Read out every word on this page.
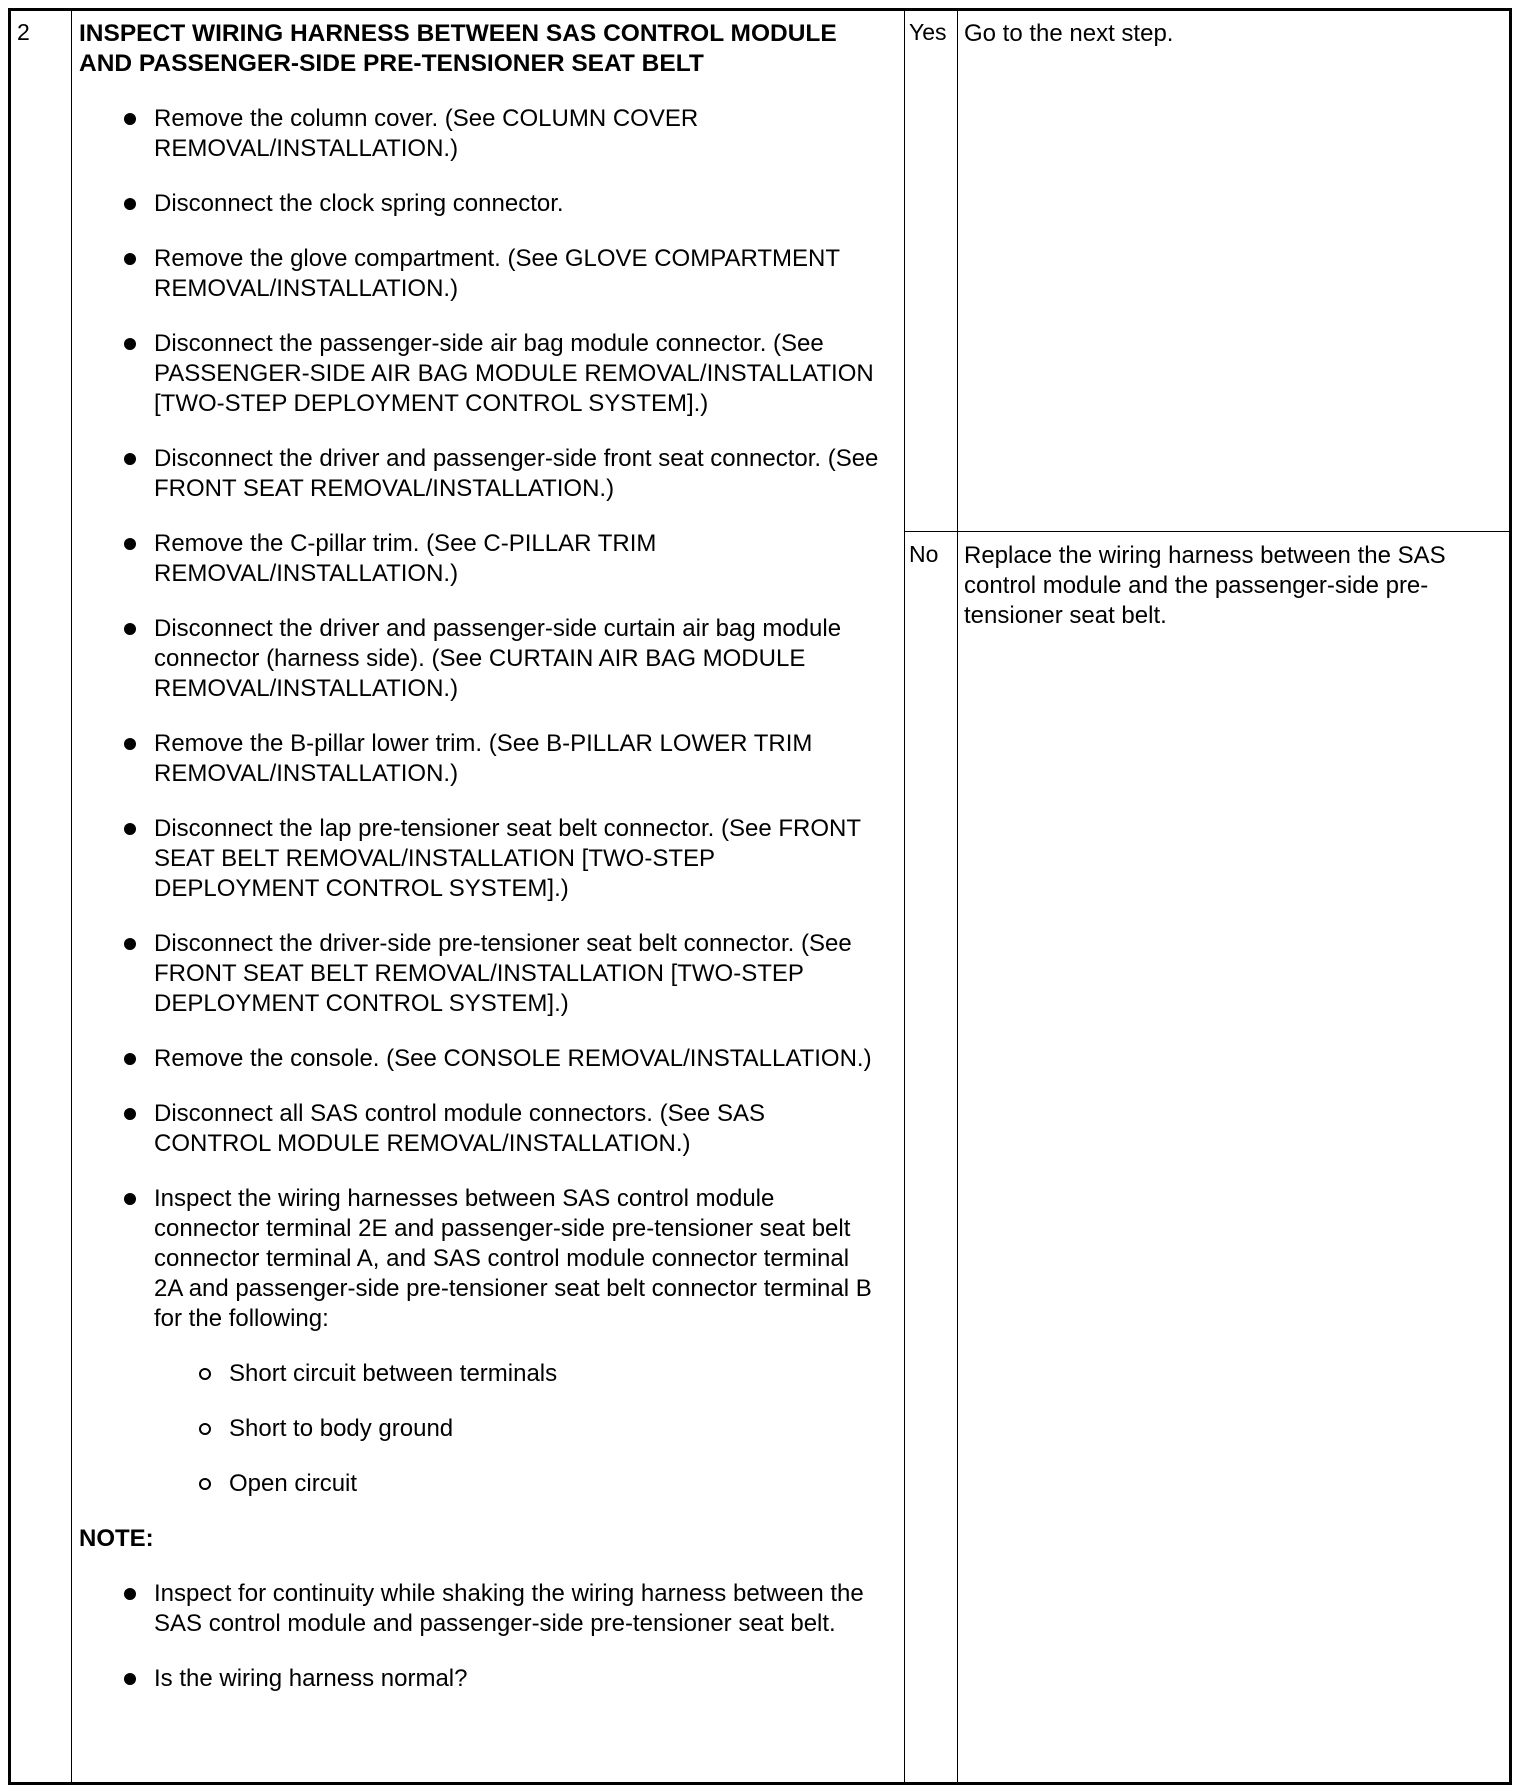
2 INSPECT WIRING HARNESS BETWEEN SAS CONTROL MODULE AND PASSENGER-SIDE PRE-TENSIONER SEAT BELT

Remove the column cover. (See COLUMN COVER REMOVAL/INSTALLATION.)
Disconnect the clock spring connector.
Remove the glove compartment. (See GLOVE COMPARTMENT REMOVAL/INSTALLATION.)
Disconnect the passenger-side air bag module connector. (See PASSENGER-SIDE AIR BAG MODULE REMOVAL/INSTALLATION [TWO-STEP DEPLOYMENT CONTROL SYSTEM].)
Disconnect the driver and passenger-side front seat connector. (See FRONT SEAT REMOVAL/INSTALLATION.)
Remove the C-pillar trim. (See C-PILLAR TRIM REMOVAL/INSTALLATION.)
Disconnect the driver and passenger-side curtain air bag module connector (harness side). (See CURTAIN AIR BAG MODULE REMOVAL/INSTALLATION.)
Remove the B-pillar lower trim. (See B-PILLAR LOWER TRIM REMOVAL/INSTALLATION.)
Disconnect the lap pre-tensioner seat belt connector. (See FRONT SEAT BELT REMOVAL/INSTALLATION [TWO-STEP DEPLOYMENT CONTROL SYSTEM].)
Disconnect the driver-side pre-tensioner seat belt connector. (See FRONT SEAT BELT REMOVAL/INSTALLATION [TWO-STEP DEPLOYMENT CONTROL SYSTEM].)
Remove the console. (See CONSOLE REMOVAL/INSTALLATION.)
Disconnect all SAS control module connectors. (See SAS CONTROL MODULE REMOVAL/INSTALLATION.)
Inspect the wiring harnesses between SAS control module connector terminal 2E and passenger-side pre-tensioner seat belt connector terminal A, and SAS control module connector terminal 2A and passenger-side pre-tensioner seat belt connector terminal B for the following:
Short circuit between terminals
Short to body ground
Open circuit
NOTE:
Inspect for continuity while shaking the wiring harness between the SAS control module and passenger-side pre-tensioner seat belt.
Is the wiring harness normal?
Yes Go to the next step.
No Replace the wiring harness between the SAS control module and the passenger-side pre-tensioner seat belt.
